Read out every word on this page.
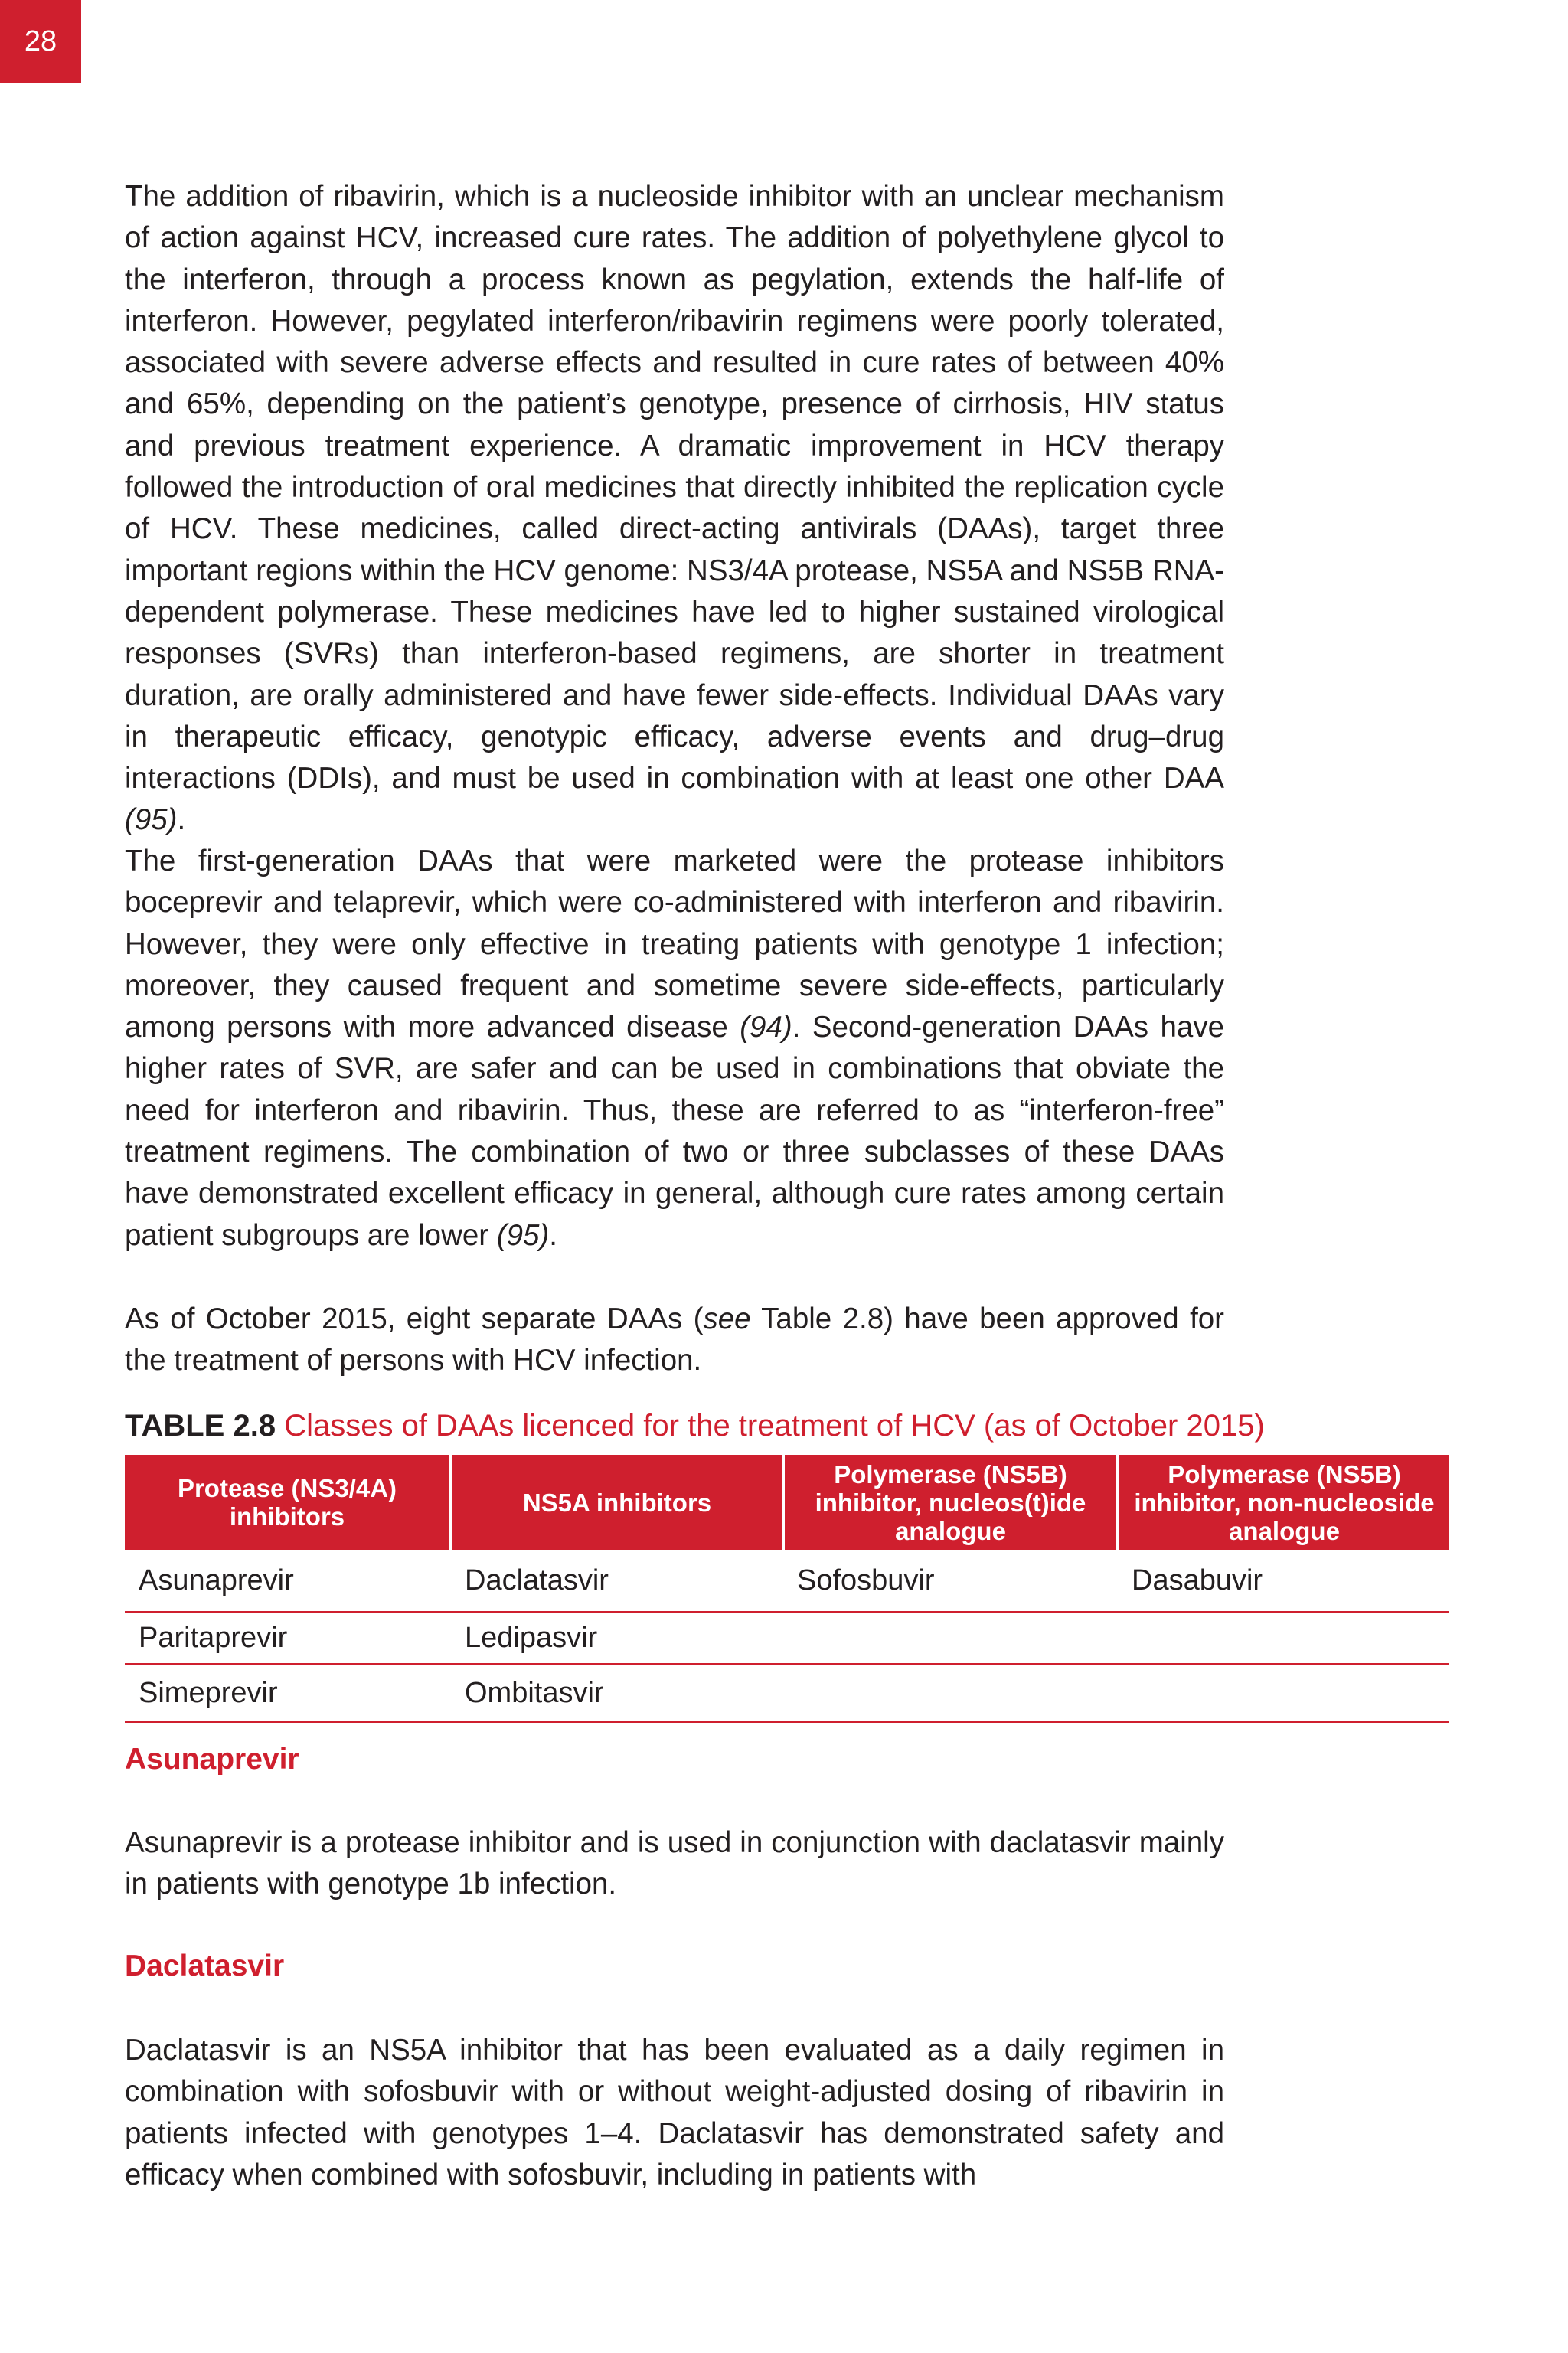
28

The addition of ribavirin, which is a nucleoside inhibitor with an unclear mechanism of action against HCV, increased cure rates. The addition of polyethylene glycol to the interferon, through a process known as pegylation, extends the half-life of interferon. However, pegylated interferon/ribavirin regimens were poorly tolerated, associated with severe adverse effects and resulted in cure rates of between 40% and 65%, depending on the patient’s genotype, presence of cirrhosis, HIV status and previous treatment experience. A dramatic improvement in HCV therapy followed the introduction of oral medicines that directly inhibited the replication cycle of HCV. These medicines, called direct-acting antivirals (DAAs), target three important regions within the HCV genome: NS3/4A protease, NS5A and NS5B RNA-dependent polymerase. These medicines have led to higher sustained virological responses (SVRs) than interferon-based regimens, are shorter in treatment duration, are orally administered and have fewer side-effects. Individual DAAs vary in therapeutic efficacy, genotypic efficacy, adverse events and drug–drug interactions (DDIs), and must be used in combination with at least one other DAA (95).

The first-generation DAAs that were marketed were the protease inhibitors boceprevir and telaprevir, which were co-administered with interferon and ribavirin. However, they were only effective in treating patients with genotype 1 infection; moreover, they caused frequent and sometime severe side-effects, particularly among persons with more advanced disease (94). Second-generation DAAs have higher rates of SVR, are safer and can be used in combinations that obviate the need for interferon and ribavirin. Thus, these are referred to as “interferon-free” treatment regimens. The combination of two or three subclasses of these DAAs have demonstrated excellent efficacy in general, although cure rates among certain patient subgroups are lower (95).

As of October 2015, eight separate DAAs (see Table 2.8) have been approved for the treatment of persons with HCV infection.

TABLE 2.8 Classes of DAAs licenced for the treatment of HCV (as of October 2015)
Protease (NS3/4A) inhibitors	NS5A inhibitors	Polymerase (NS5B) inhibitor, nucleos(t)ide analogue	Polymerase (NS5B) inhibitor, non-nucleoside analogue
Asunaprevir	Daclatasvir	Sofosbuvir	Dasabuvir
Paritaprevir	Ledipasvir		
Simeprevir	Ombitasvir		
Asunaprevir

Asunaprevir is a protease inhibitor and is used in conjunction with daclatasvir mainly in patients with genotype 1b infection.

Daclatasvir

Daclatasvir is an NS5A inhibitor that has been evaluated as a daily regimen in combination with sofosbuvir with or without weight-adjusted dosing of ribavirin in patients infected with genotypes 1–4. Daclatasvir has demonstrated safety and efficacy when combined with sofosbuvir, including in patients with
